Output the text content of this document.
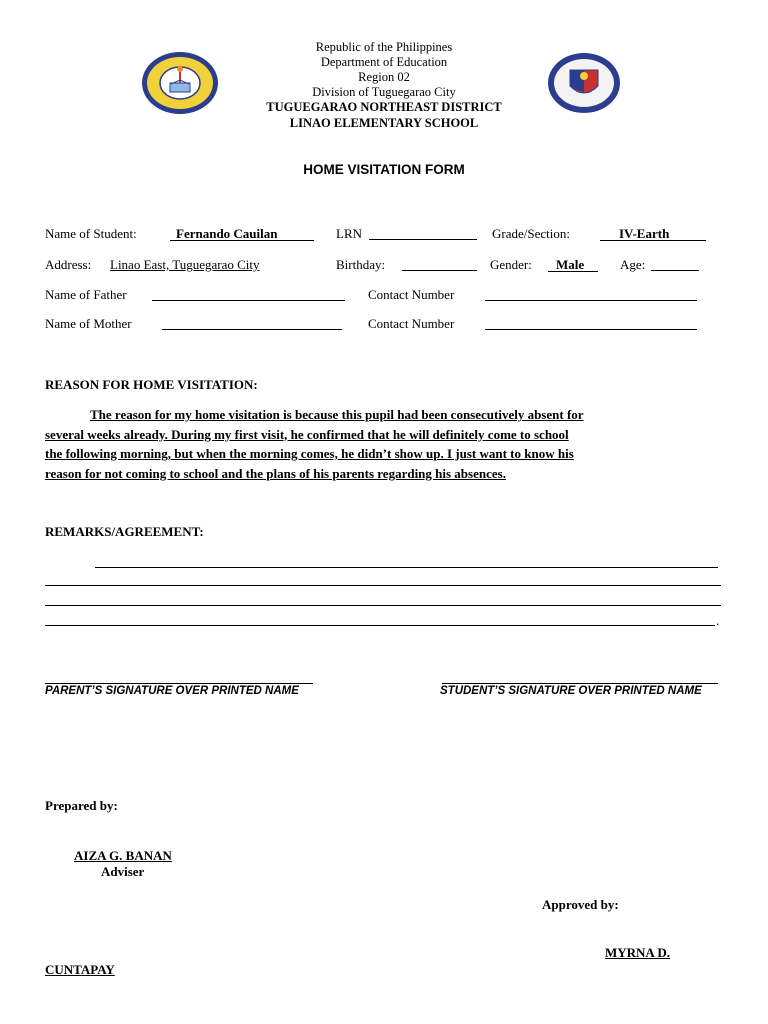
Republic of the Philippines
Department of Education
Region 02
Division of Tuguegarao City
TUGUEGARAO NORTHEAST DISTRICT
LINAO ELEMENTARY SCHOOL
HOME VISITATION FORM
Name of Student:	Fernando Cauilan	LRN	Grade/Section:	IV-Earth
Address: Linao East, Tuguegarao City	Birthday:	Gender: Male	Age:
Name of Father	Contact Number
Name of Mother	Contact Number
REASON FOR HOME VISITATION:
The reason for my home visitation is because this pupil had been consecutively absent for
several weeks already. During my first visit, he confirmed that he will definitely come to school
the following morning, but when the morning comes, he didn’t show up. I just want to know his
reason for not coming to school and the plans of his parents regarding his absences.
REMARKS/AGREEMENT:
.
PARENT’S SIGNATURE OVER PRINTED NAME	STUDENT’S SIGNATURE OVER PRINTED NAME
Prepared by:
AIZA G. BANAN
Adviser
Approved by:
MYRNA D.
CUNTAPAY
